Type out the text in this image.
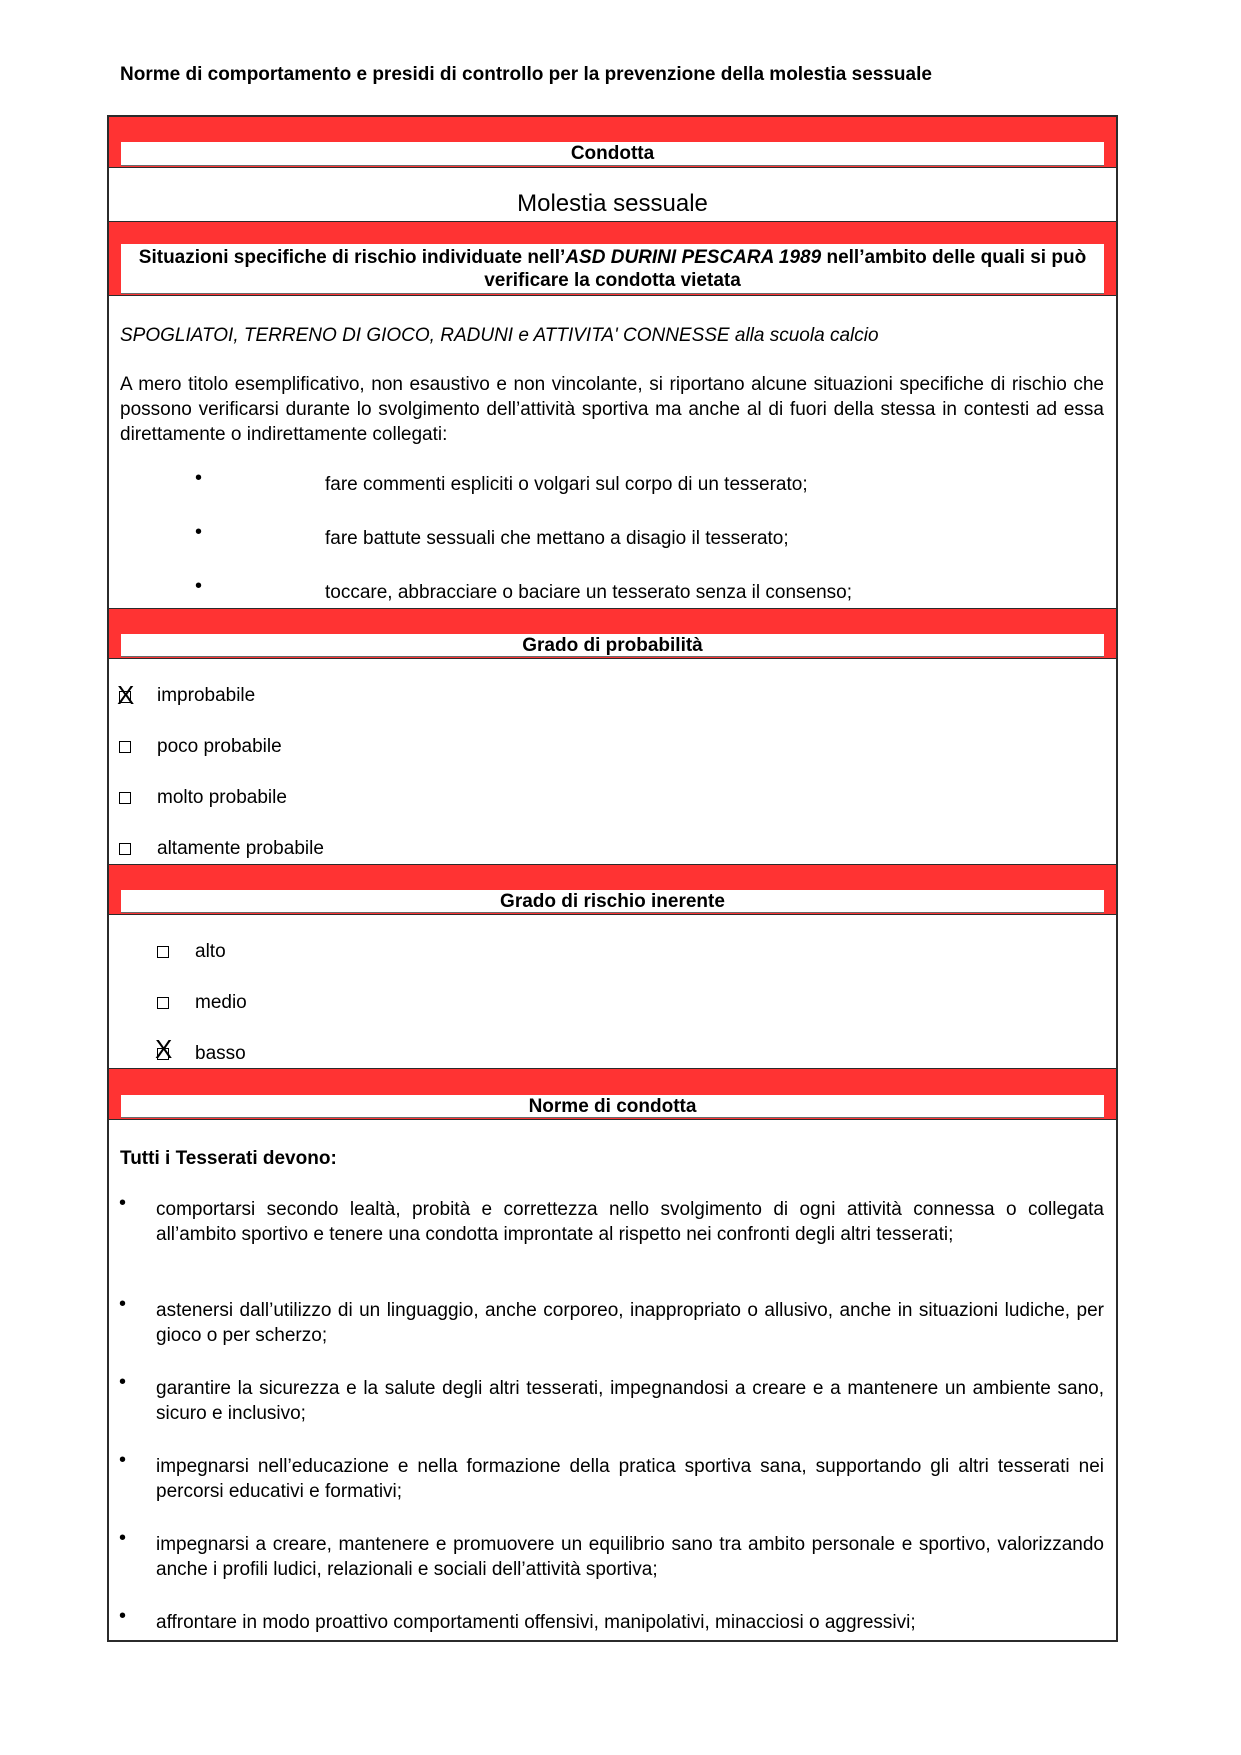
Norme di comportamento e presidi di controllo per la prevenzione della molestia sessuale
Condotta
Molestia sessuale
Situazioni specifiche di rischio individuate nell’ASD DURINI PESCARA 1989 nell’ambito delle quali si può verificare la condotta vietata
SPOGLIATOI, TERRENO DI GIOCO, RADUNI e ATTIVITA' CONNESSE alla scuola calcio
A mero titolo esemplificativo, non esaustivo e non vincolante, si riportano alcune situazioni specifiche di rischio che possono verificarsi durante lo svolgimento dell’attività sportiva ma anche al di fuori della stessa in contesti ad essa direttamente o indirettamente collegati:
•	fare commenti espliciti o volgari sul corpo di un tesserato;
•	fare battute sessuali che mettano a disagio il tesserato;
•	toccare, abbracciare o baciare un tesserato senza il consenso;
Grado di probabilità
X improbabile
poco probabile
molto probabile
altamente probabile
Grado di rischio inerente
alto
medio
X basso
Norme di condotta
Tutti i Tesserati devono:
• comportarsi secondo lealtà, probità e correttezza nello svolgimento di ogni attività connessa o collegata all’ambito sportivo e tenere una condotta improntate al rispetto nei confronti degli altri tesserati;
• astenersi dall’utilizzo di un linguaggio, anche corporeo, inappropriato o allusivo, anche in situazioni ludiche, per gioco o per scherzo;
• garantire la sicurezza e la salute degli altri tesserati, impegnandosi a creare e a mantenere un ambiente sano, sicuro e inclusivo;
• impegnarsi nell’educazione e nella formazione della pratica sportiva sana, supportando gli altri tesserati nei percorsi educativi e formativi;
• impegnarsi a creare, mantenere e promuovere un equilibrio sano tra ambito personale e sportivo, valorizzando anche i profili ludici, relazionali e sociali dell’attività sportiva;
• affrontare in modo proattivo comportamenti offensivi, manipolativi, minacciosi o aggressivi;
